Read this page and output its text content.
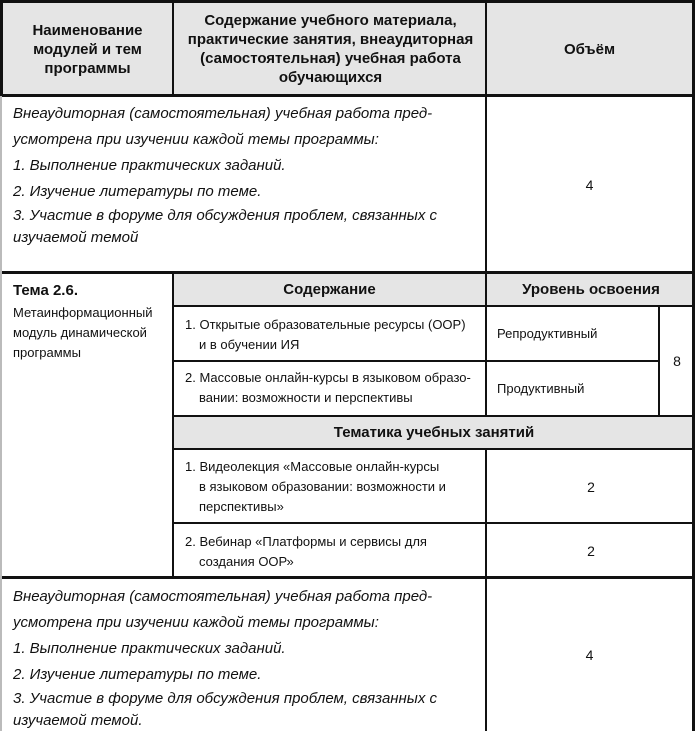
Наименование модулей и тем программы
Содержание учебного материала, практические занятия, внеаудиторная (самостоятельная) учебная работа обучающихся
Объём
Внеаудиторная (самостоятельная) учебная работа пред-
усмотрена при изучении каждой темы программы:
1. Выполнение практических заданий.
2. Изучение литературы по теме.
3. Участие в форуме для обсуждения проблем, связанных с
изучаемой темой
4
Тема 2.6.
Метаинформационный модуль динамической программы
Содержание	Уровень освоения
1. Открытые образовательные ресурсы (ООР)
и в обучении ИЯ
Репродуктивный
2. Массовые онлайн-курсы в языковом образо-
вании: возможности и перспективы
Продуктивный
8
Тематика учебных занятий
1. Видеолекция «Массовые онлайн-курсы
в языковом образовании: возможности и
перспективы»
2
2. Вебинар «Платформы и сервисы для
создания ООР»
2
Внеаудиторная (самостоятельная) учебная работа пред-
усмотрена при изучении каждой темы программы:
1. Выполнение практических заданий.
2. Изучение литературы по теме.
3. Участие в форуме для обсуждения проблем, связанных с
изучаемой темой.
4
